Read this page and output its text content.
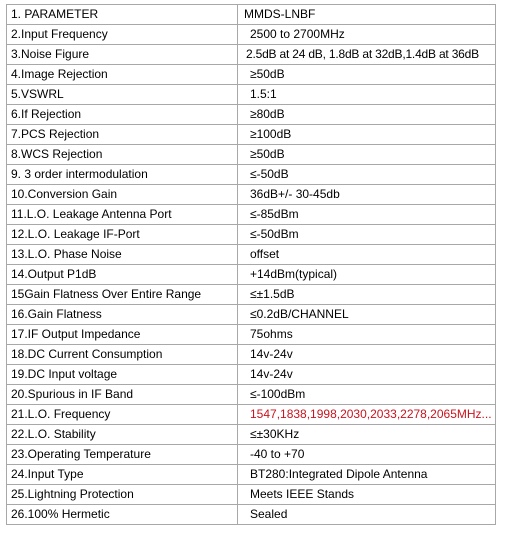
1. PARAMETER	MMDS-LNBF
2.Input Frequency	2500 to 2700MHz
3.Noise Figure	2.5dB at 24 dB, 1.8dB at 32dB,1.4dB at 36dB
4.Image Rejection	≥50dB
5.VSWRL	1.5:1
6.If Rejection	≥80dB
7.PCS Rejection	≥100dB
8.WCS Rejection	≥50dB
9. 3 order intermodulation	≤-50dB
10.Conversion Gain	36dB+/- 30-45db
11.L.O. Leakage Antenna Port	≤-85dBm
12.L.O. Leakage IF-Port	≤-50dBm
13.L.O. Phase Noise	offset
14.Output P1dB	+14dBm(typical)
15Gain Flatness Over Entire Range	≤±1.5dB
16.Gain Flatness	≤0.2dB/CHANNEL
17.IF Output Impedance	75ohms
18.DC Current Consumption	14v-24v
19.DC Input voltage	14v-24v
20.Spurious in IF Band	≤-100dBm
21.L.O. Frequency	1547,1838,1998,2030,2033,2278,2065MHz...
22.L.O. Stability	≤±30KHz
23.Operating Temperature	-40 to +70
24.Input Type	BT280:Integrated Dipole Antenna
25.Lightning Protection	Meets IEEE Stands
26.100% Hermetic	Sealed
